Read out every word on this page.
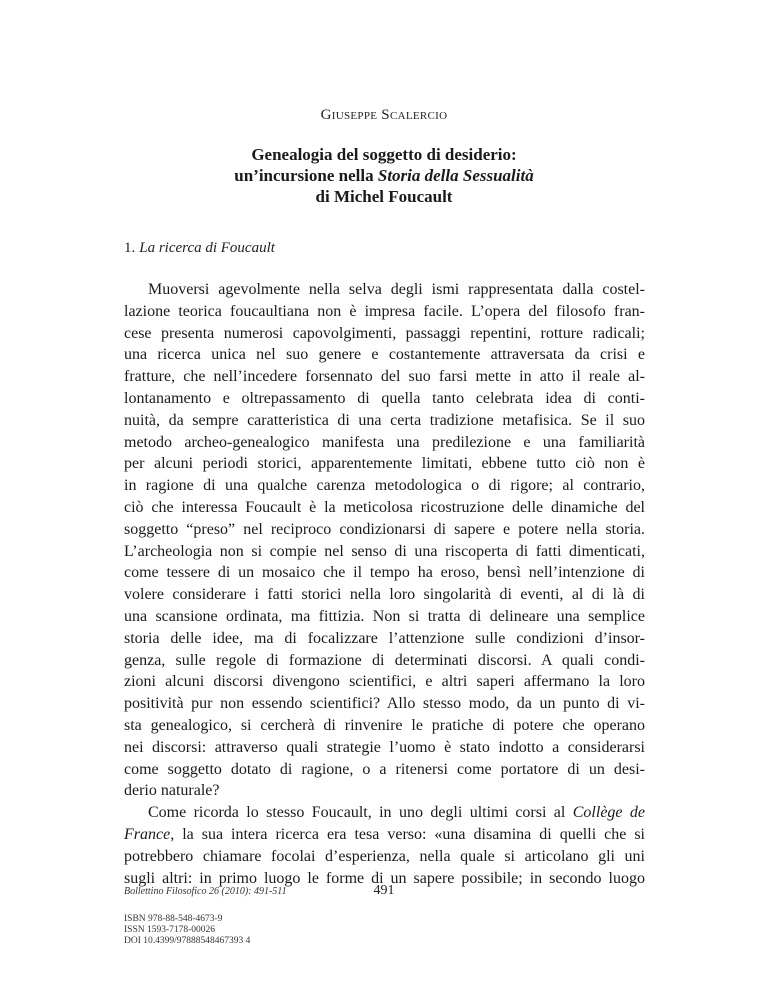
Giuseppe Scalercio
Genealogia del soggetto di desiderio:
un’incursione nella Storia della Sessualità
di Michel Foucault
1. La ricerca di Foucault
Muoversi agevolmente nella selva degli ismi rappresentata dalla costel-
lazione teorica foucaultiana non è impresa facile. L’opera del filosofo fran-
cese presenta numerosi capovolgimenti, passaggi repentini, rotture radicali;
una ricerca unica nel suo genere e costantemente attraversata da crisi e
fratture, che nell’incedere forsennato del suo farsi mette in atto il reale al-
lontanamento e oltrepassamento di quella tanto celebrata idea di conti-
nuità, da sempre caratteristica di una certa tradizione metafisica. Se il suo
metodo archeo-genealogico manifesta una predilezione e una familiarità
per alcuni periodi storici, apparentemente limitati, ebbene tutto ciò non è
in ragione di una qualche carenza metodologica o di rigore; al contrario,
ciò che interessa Foucault è la meticolosa ricostruzione delle dinamiche del
soggetto “preso” nel reciproco condizionarsi di sapere e potere nella storia.
L’archeologia non si compie nel senso di una riscoperta di fatti dimenticati,
come tessere di un mosaico che il tempo ha eroso, bensì nell’intenzione di
volere considerare i fatti storici nella loro singolarità di eventi, al di là di
una scansione ordinata, ma fittizia. Non si tratta di delineare una semplice
storia delle idee, ma di focalizzare l’attenzione sulle condizioni d’insor-
genza, sulle regole di formazione di determinati discorsi. A quali condi-
zioni alcuni discorsi divengono scientifici, e altri saperi affermano la loro
positività pur non essendo scientifici? Allo stesso modo, da un punto di vi-
sta genealogico, si cercherà di rinvenire le pratiche di potere che operano
nei discorsi: attraverso quali strategie l’uomo è stato indotto a considerarsi
come soggetto dotato di ragione, o a ritenersi come portatore di un desi-
derio naturale?
Come ricorda lo stesso Foucault, in uno degli ultimi corsi al Collège de
France, la sua intera ricerca era tesa verso: «una disamina di quelli che si
potrebbero chiamare focolai d’esperienza, nella quale si articolano gli uni
sugli altri: in primo luogo le forme di un sapere possibile; in secondo luogo
Bollettino Filosofico 26 (2010): 491-511	491
ISBN 978-88-548-4673-9
ISSN 1593-7178-00026
DOI 10.4399/97888548467393 4
